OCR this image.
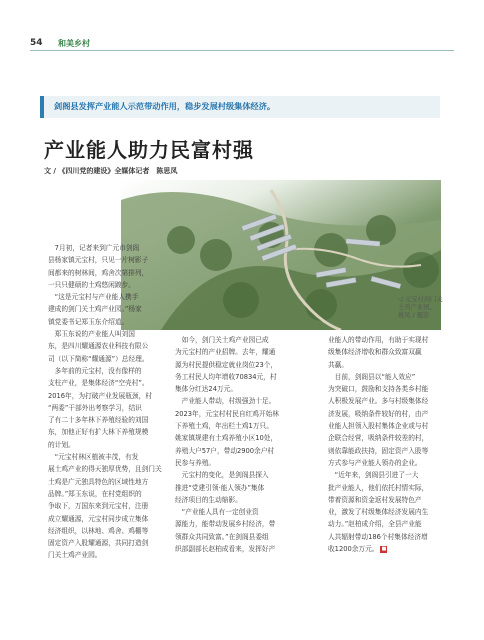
54 和美乡村
剑阁县发挥产业能人示范带动作用，稳步发展村级集体经济。
产业能人助力民富村强
文 / 《四川党的建设》全媒体记者　陈思凤
◁ 元宝村剑门关
土鸡产业园。
姚凤 / 摄影

　7月初，记者来到广元市剑阁

县杨家镇元宝村，只见一片树影子

间都来的树林间，鸡舍次第排列，

一只只健硕的土鸡悠闲踱步。

　“这是元宝村与产业能人携手

建成的剑门关土鸡产业园。”杨家

镇党委书记郑玉东介绍道。

　郑玉东说的产业能人叫刘国

东，是四川耀通源农业科技有限公

司（以下简称“耀通源”）总经理。

　多年前的元宝村，没有像样的

支柱产业，是集体经济“空壳村”。

2016年，为打破产业发展瓶颈，村

“两委”干部外出考察学习，结识

了有二十多年林下养殖经验的刘国

东，加他正好有扩大林下养殖规模

的计划。

　“元宝村林区植被丰茂，有发

展土鸡产业的得天独厚优势，且剑门关

土鸡是广元独具特色的区域性地方

品牌。”郑玉东说，在村党组织的

争取下，万国东来到元宝村，注册

成立耀通源，元宝村同步成立集体

经济组织，以林地、鸡舍、鸡棚等

固定资产入股耀通源，共同打造剑

门关土鸡产业园。

　如今，剑门关土鸡产业园已成

为元宝村的产业招牌。去年，耀通

源为村民提供稳定就业岗位23个，

务工村民人均年增收70834元，村

集体分红达24万元。

　产业能人带动，村级强劲十足。

2023年，元宝村村民自红鸡开始林

下养殖土鸡，年出栏土鸡1万只。

姚家镇规建有土鸡养殖小区10处，

养殖大户57户，带动2900余户村

民参与养殖。

　元宝村的变化，是剑阁县探入

推进“党建引领·能人领办”集体

经济项目的生动缩影。

　“产业能人具有一定创业资

源能力，能带动发展乡村经济，带

领群众共同致富。”在剑阁县委组

织部副部长赵柏成看来，发挥好产

业能人的带动作用，有助于实现村

级集体经济增收和群众致富双赢

共赢。

　目前，剑阁县以“能人效应”

为突破口，鼓励和支持各类乡村能

人积极发展产业。多与村级集体经

济发展，吸纳条件较好的村，由产

业能人担领入股村集体企业或与村

企联合经营，吸纳条件较差的村，

则依靠能政扶持，固定资产入股等

方式参与产业能人领办的企业。

　“近年来，剑阁县引进了一大

批产业能人，他们依托村情实际，

带着资源和资金返村发展特色产

业，激发了村级集体经济发展内生

动力。”赵柏成介绍，全县产业能

人共辐射带动186个村集体经济增

收1200余万元。 ■
